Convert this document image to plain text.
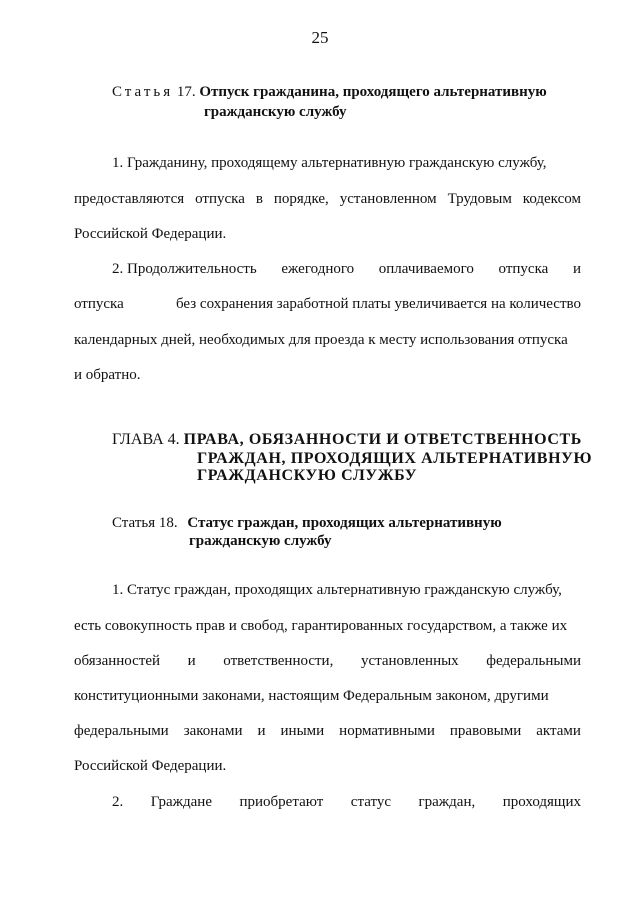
25
Статья 17. Отпуск гражданина, проходящего альтернативную
гражданскую службу
1. Гражданину, проходящему альтернативную гражданскую службу,
предоставляются отпуска в порядке, установленном Трудовым кодексом
Российской Федерации.
2. Продолжительность ежегодного оплачиваемого отпуска и
отпуска	без сохранения заработной платы увеличивается на количество
календарных дней, необходимых для проезда к месту использования отпуска
и обратно.
ГЛАВА 4. ПРАВА, ОБЯЗАННОСТИ И ОТВЕТСТВЕННОСТЬ
ГРАЖДАН, ПРОХОДЯЩИХ АЛЬТЕРНАТИВНУЮ
ГРАЖДАНСКУЮ СЛУЖБУ
Статья 18. Статус граждан, проходящих альтернативную
гражданскую службу
1. Статус граждан, проходящих альтернативную гражданскую службу,
есть совокупность прав и свобод, гарантированных государством, а также их
обязанностей и ответственности, установленных федеральными
конституционными законами, настоящим Федеральным законом, другими
федеральными законами и иными нормативными правовыми актами
Российской Федерации.
2. Граждане приобретают статус граждан, проходящих
